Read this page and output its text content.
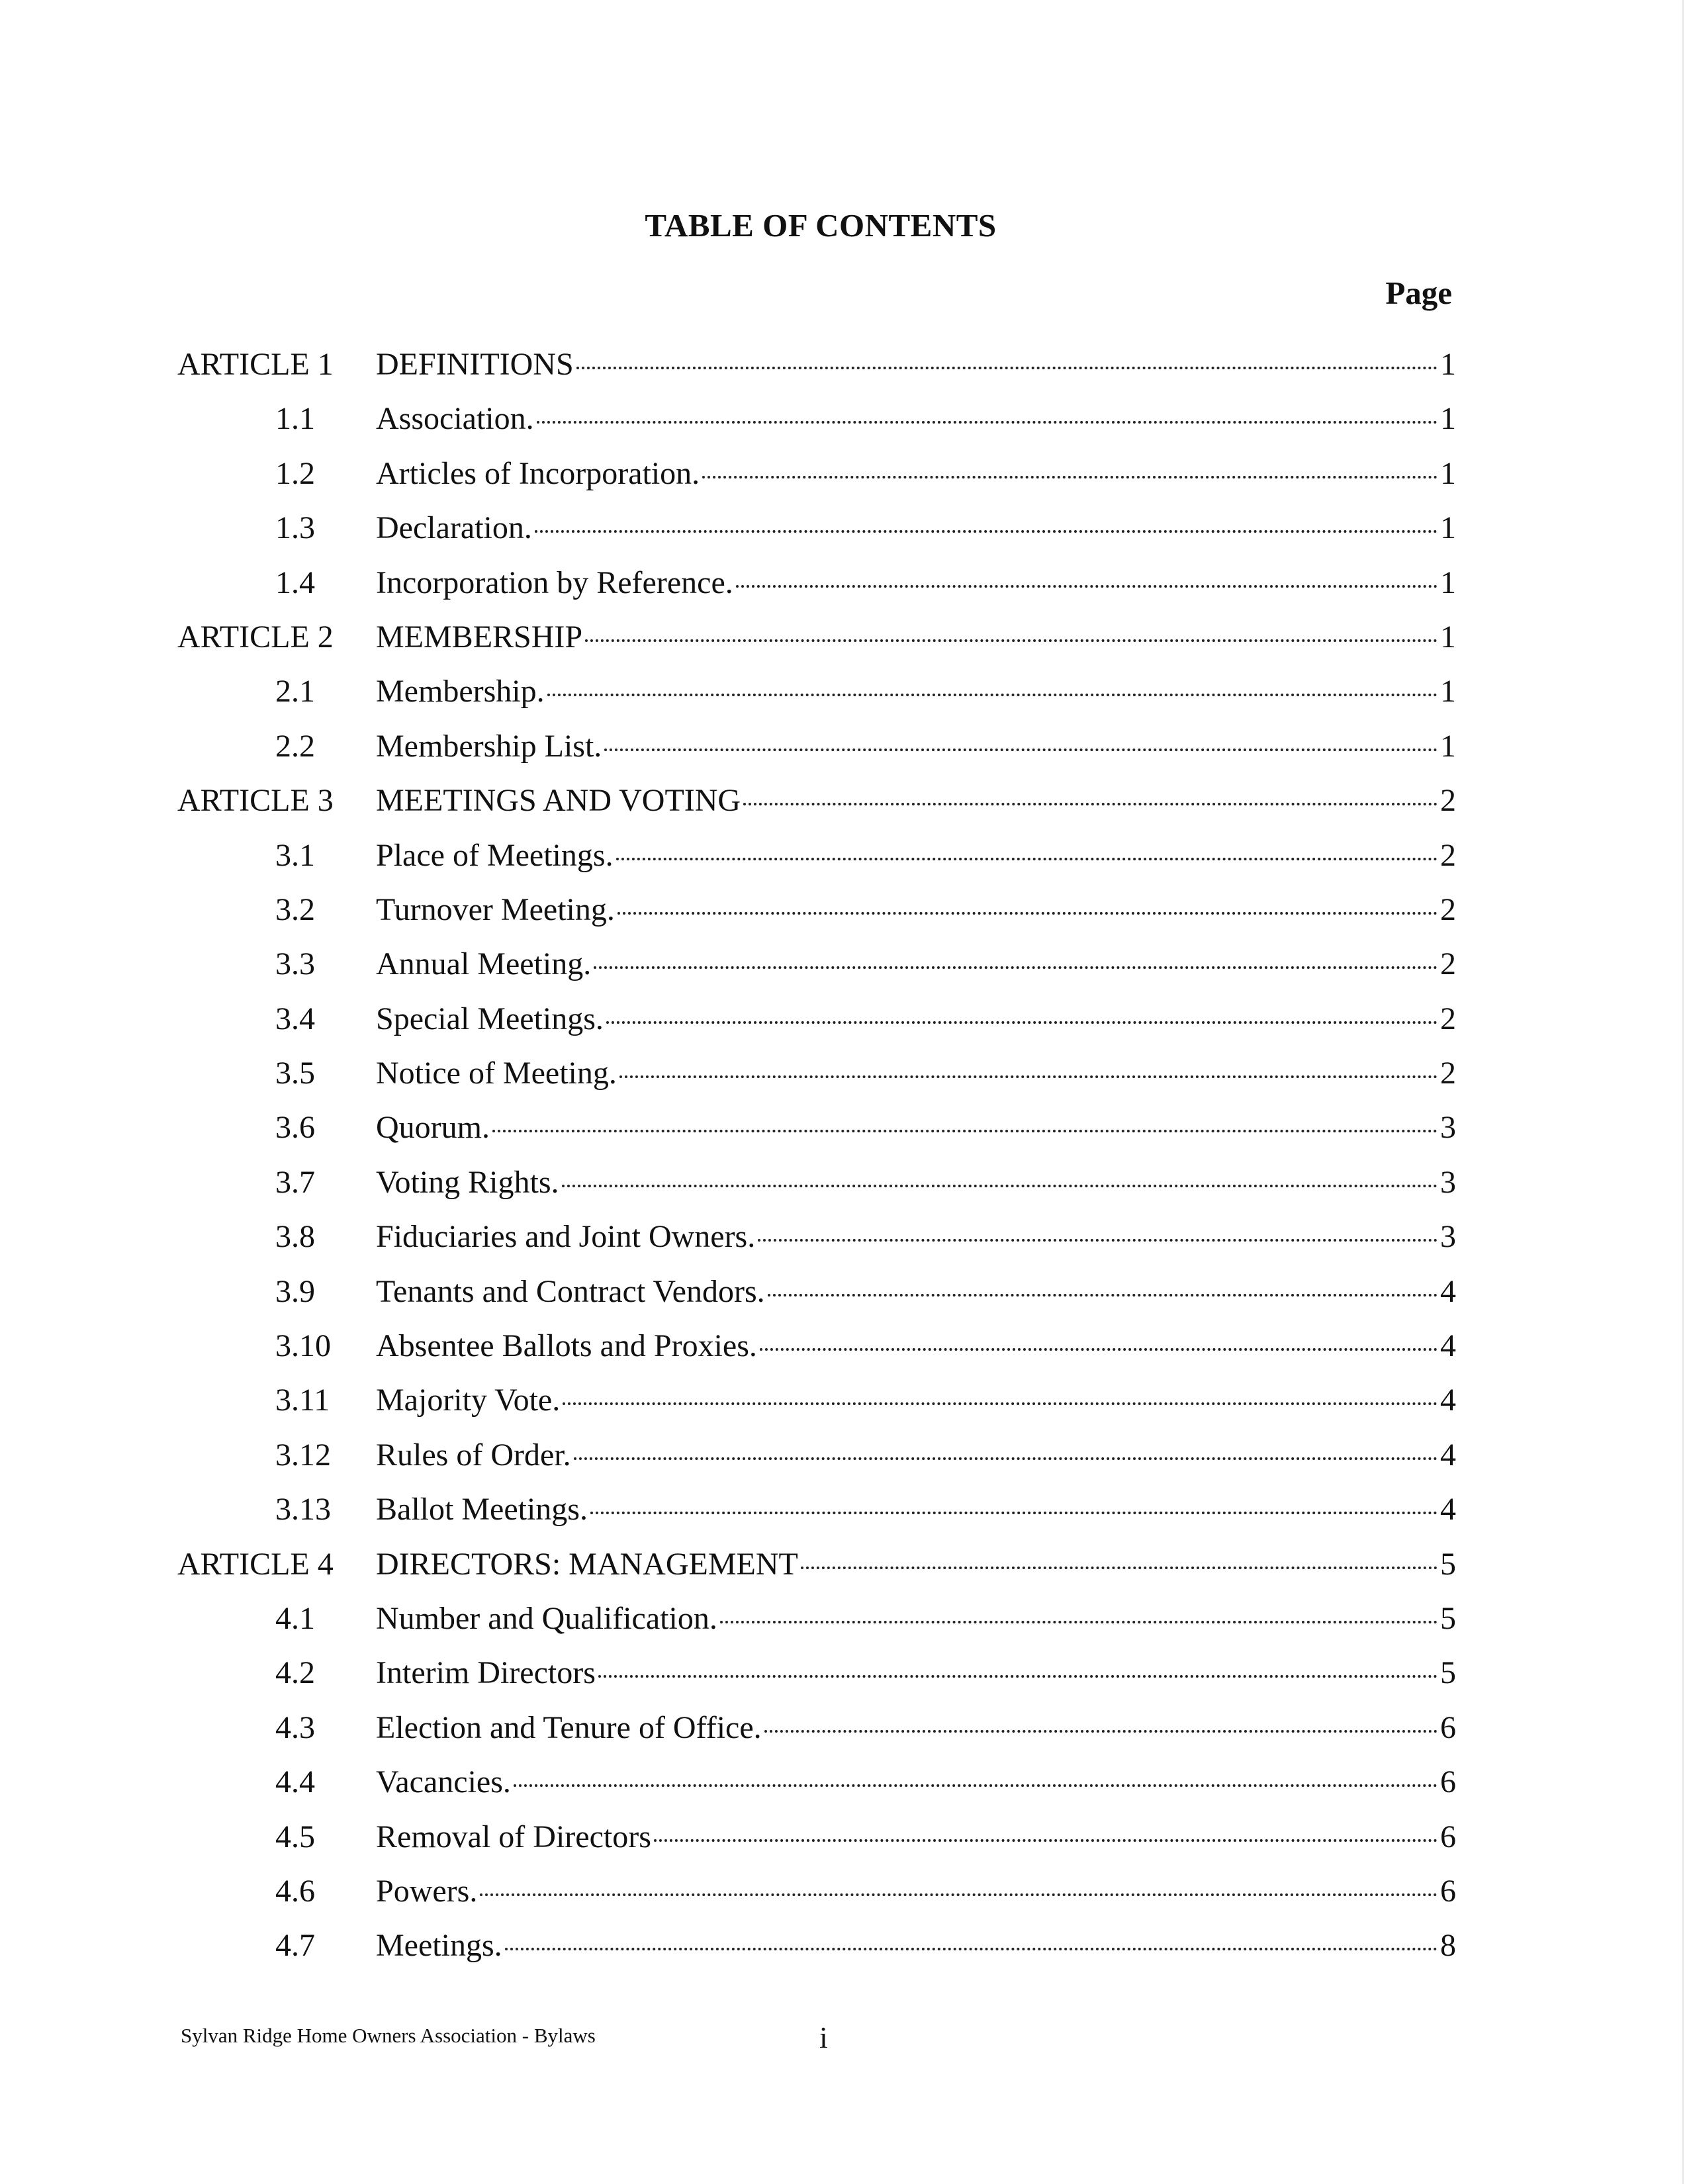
TABLE OF CONTENTS
Page
ARTICLE 1	DEFINITIONS	1
1.1	Association.	1
1.2	Articles of Incorporation.	1
1.3	Declaration.	1
1.4	Incorporation by Reference.	1
ARTICLE 2	MEMBERSHIP	1
2.1	Membership.	1
2.2	Membership List.	1
ARTICLE 3	MEETINGS AND VOTING	2
3.1	Place of Meetings.	2
3.2	Turnover Meeting.	2
3.3	Annual Meeting.	2
3.4	Special Meetings.	2
3.5	Notice of Meeting.	2
3.6	Quorum.	3
3.7	Voting Rights.	3
3.8	Fiduciaries and Joint Owners.	3
3.9	Tenants and Contract Vendors.	4
3.10	Absentee Ballots and Proxies.	4
3.11	Majority Vote.	4
3.12	Rules of Order.	4
3.13	Ballot Meetings.	4
ARTICLE 4	DIRECTORS: MANAGEMENT	5
4.1	Number and Qualification.	5
4.2	Interim Directors	5
4.3	Election and Tenure of Office.	6
4.4	Vacancies.	6
4.5	Removal of Directors	6
4.6	Powers.	6
4.7	Meetings.	8
Sylvan Ridge Home Owners Association - Bylaws	i
